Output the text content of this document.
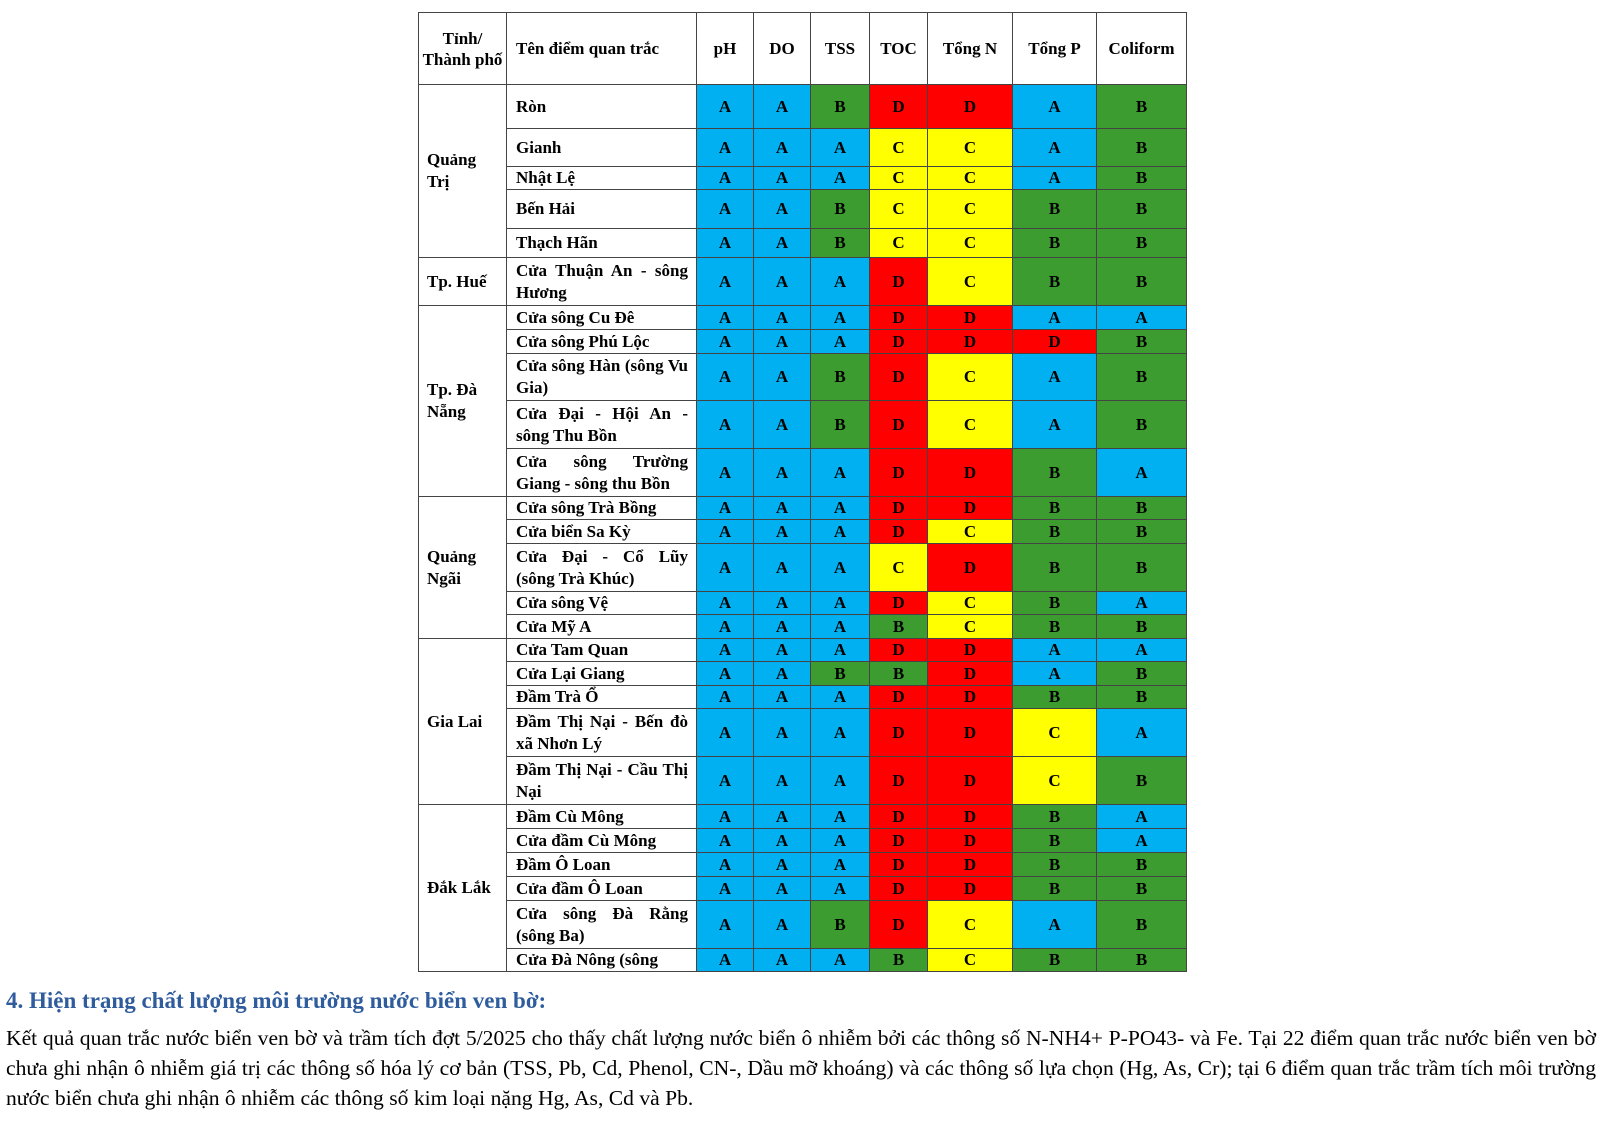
Tỉnh/ Thành phố	Tên điểm quan trắc	pH	DO	TSS	TOC	Tổng N	Tổng P	Coliform
Quảng Trị	Ròn	A	A	B	D	D	A	B

	Gianh	A	A	A	C	C	A	B

	Nhật Lệ	A	A	A	C	C	A	B

	Bến Hải	A	A	B	C	C	B	B

	Thạch Hãn	A	A	B	C	C	B	B
Tp. Huế	Cửa Thuận An - sông Hương	A	A	A	D	C	B	B
Tp. Đà Nẵng	Cửa sông Cu Đê	A	A	A	D	D	A	A

	Cửa sông Phú Lộc	A	A	A	D	D	D	B

	Cửa sông Hàn (sông Vu Gia)	A	A	B	D	C	A	B

	Cửa Đại - Hội An - sông Thu Bồn	A	A	B	D	C	A	B

	Cửa sông Trường Giang - sông thu Bồn	A	A	A	D	D	B	A
Quảng Ngãi	Cửa sông Trà Bồng	A	A	A	D	D	B	B

	Cửa biển Sa Kỳ	A	A	A	D	C	B	B

	Cửa Đại - Cổ Lũy (sông Trà Khúc)	A	A	A	C	D	B	B

	Cửa sông Vệ	A	A	A	D	C	B	A

	Cửa Mỹ A	A	A	A	B	C	B	B
Gia Lai	Cửa Tam Quan	A	A	A	D	D	A	A

	Cửa Lại Giang	A	A	B	B	D	A	B

	Đầm Trà Ổ	A	A	A	D	D	B	B

	Đầm Thị Nại - Bến đò xã Nhơn Lý	A	A	A	D	D	C	A

	Đầm Thị Nại - Cầu Thị Nại	A	A	A	D	D	C	B
Đắk Lắk	Đầm Cù Mông	A	A	A	D	D	B	A

	Cửa đầm Cù Mông	A	A	A	D	D	B	A

	Đầm Ô Loan	A	A	A	D	D	B	B

	Cửa đầm Ô Loan	A	A	A	D	D	B	B

	Cửa sông Đà Rằng (sông Ba)	A	A	B	D	C	A	B

	Cửa Đà Nông (sông	A	A	A	B	C	B	B
4. Hiện trạng chất lượng môi trường nước biển ven bờ:

Kết quả quan trắc nước biển ven bờ và trầm tích đợt 5/2025 cho thấy chất lượng nước biển ô nhiễm bởi các thông số N-NH4+ P-PO43- và Fe. Tại 22 điểm quan trắc nước biển ven bờ chưa ghi nhận ô nhiễm giá trị các thông số hóa lý cơ bản (TSS, Pb, Cd, Phenol, CN-, Dầu mỡ khoáng) và các thông số lựa chọn (Hg, As, Cr); tại 6 điểm quan trắc trầm tích môi trường nước biển chưa ghi nhận ô nhiễm các thông số kim loại nặng Hg, As, Cd và Pb.
